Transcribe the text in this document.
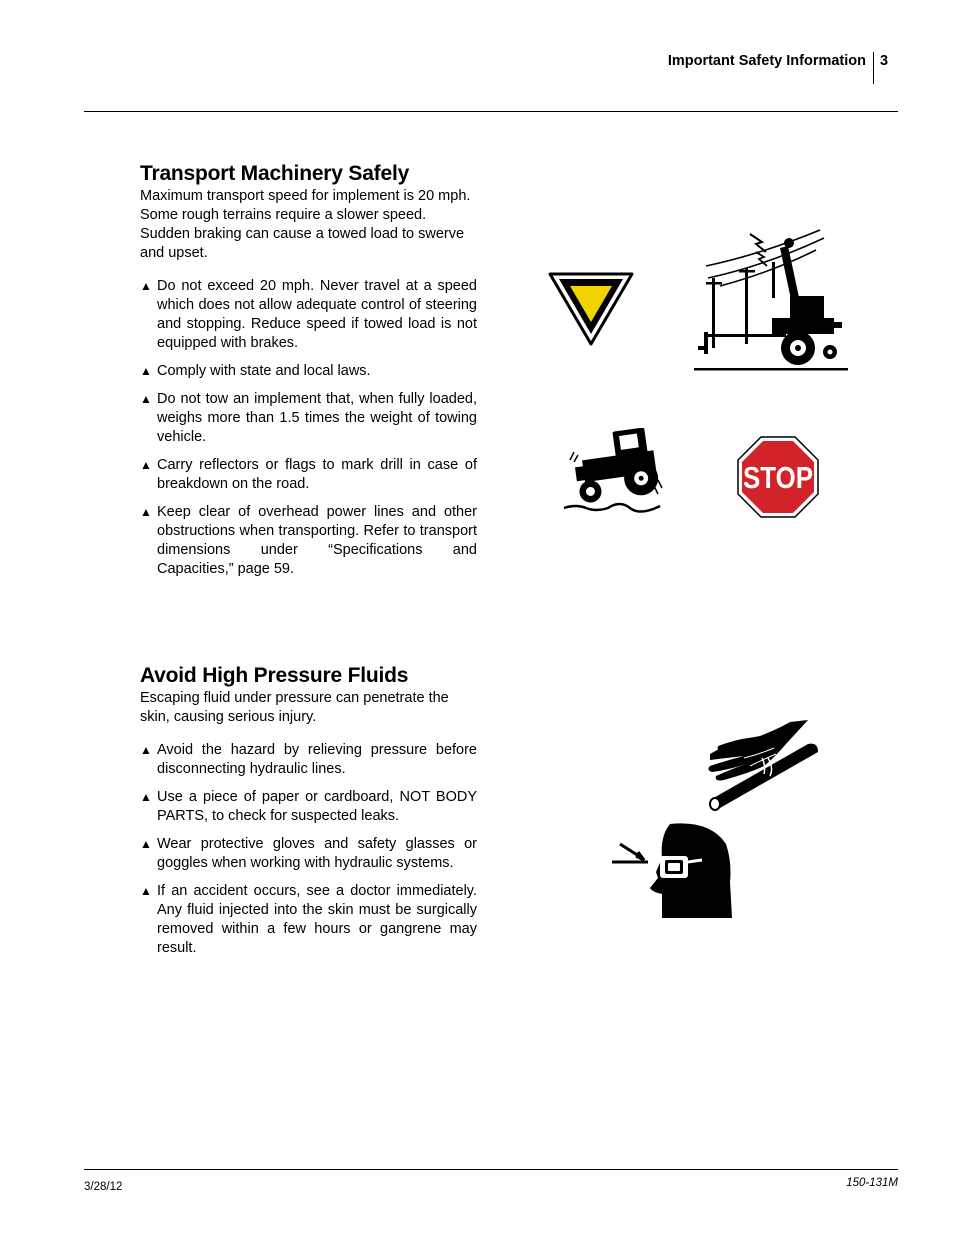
Important Safety Information 3
Transport Machinery Safely

Maximum transport speed for implement is 20 mph. Some rough terrains require a slower speed. Sudden braking can cause a towed load to swerve and upset.

▲ Do not exceed 20 mph. Never travel at a speed which does not allow adequate control of steering and stopping. Reduce speed if towed load is not equipped with brakes.
▲ Comply with state and local laws.
▲ Do not tow an implement that, when fully loaded, weighs more than 1.5 times the weight of towing vehicle.
▲ Carry reflectors or flags to mark drill in case of breakdown on the road.
▲ Keep clear of overhead power lines and other obstructions when transporting. Refer to transport dimensions under “Specifications and Capacities,” page 59.
Avoid High Pressure Fluids

Escaping fluid under pressure can penetrate the skin, causing serious injury.

▲ Avoid the hazard by relieving pressure before disconnecting hydraulic lines.
▲ Use a piece of paper or cardboard, NOT BODY PARTS, to check for suspected leaks.
▲ Wear protective gloves and safety glasses or goggles when working with hydraulic systems.
▲ If an accident occurs, see a doctor immediately. Any fluid injected into the skin must be surgically removed within a few hours or gangrene may result.
STOP
3/28/12	150-131M
